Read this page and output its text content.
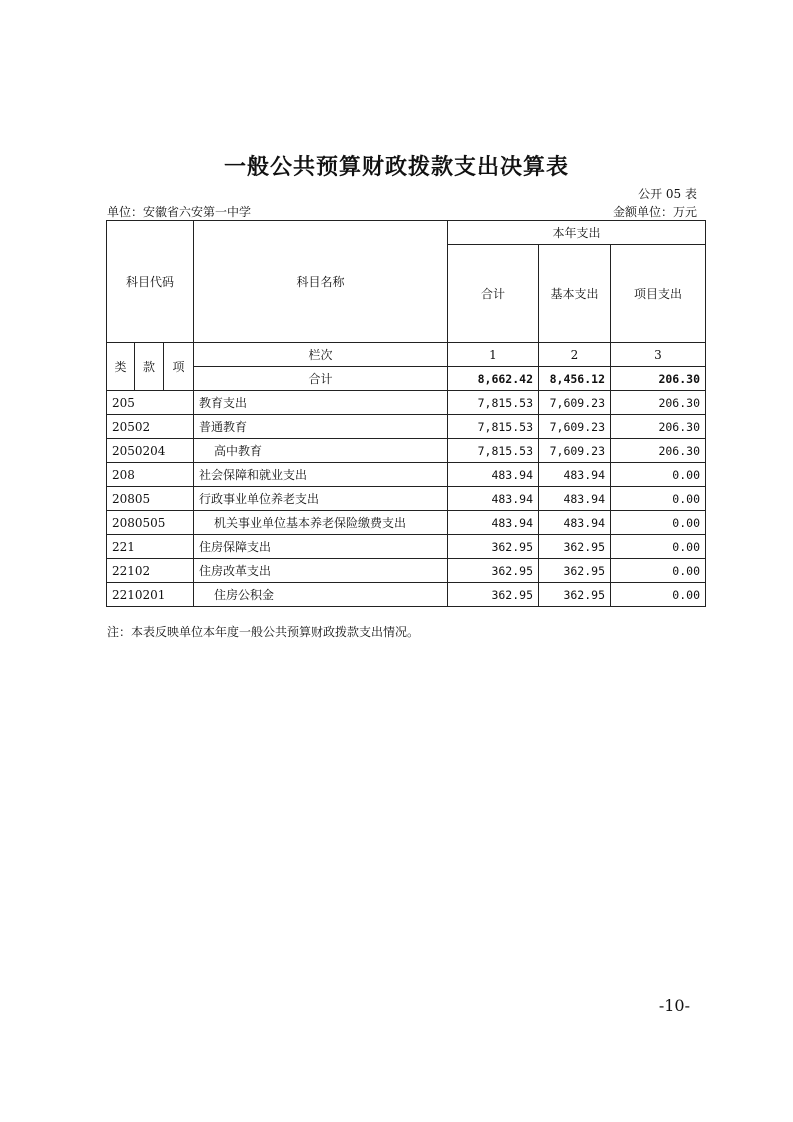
一般公共预算财政拨款支出决算表
公开 05 表
单位：安徽省六安第一中学	金额单位：万元
科目代码			科目名称	本年支出		
				合计	基本支出	项目支出
类	款	项	栏次	1	2	3
			合计	8,662.42	8,456.12	206.30
205			教育支出	7,815.53	7,609.23	206.30
20502			普通教育	7,815.53	7,609.23	206.30
2050204			高中教育	7,815.53	7,609.23	206.30
208			社会保障和就业支出	483.94	483.94	0.00
20805			行政事业单位养老支出	483.94	483.94	0.00
2080505			机关事业单位基本养老保险缴费支出	483.94	483.94	0.00
221			住房保障支出	362.95	362.95	0.00
22102			住房改革支出	362.95	362.95	0.00
2210201			住房公积金	362.95	362.95	0.00
注：本表反映单位本年度一般公共预算财政拨款支出情况。
-10-
